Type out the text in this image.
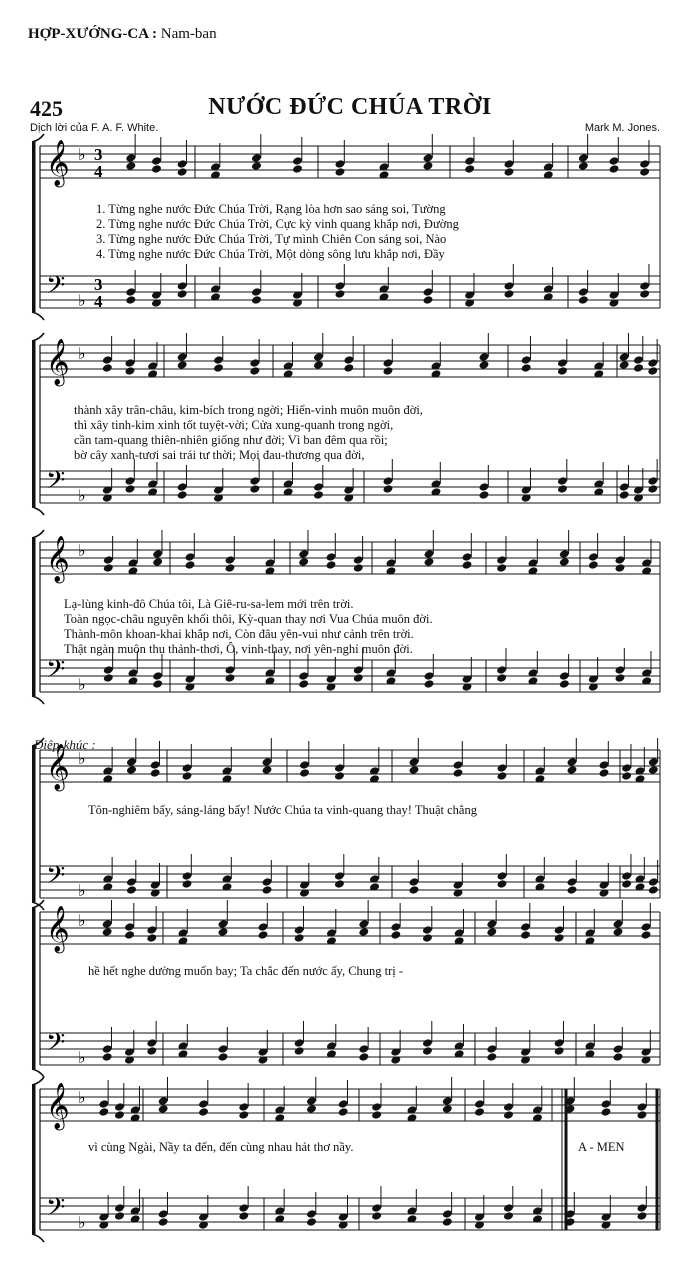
HỢP-XƯỚNG-CA : Nam-ban
425	NƯỚC ĐỨC CHÚA TRỜI
Dịch lời của F. A. F. White.	Mark M. Jones.
𝄞
𝄢
♭
♭
3
4
3
4
𝄞
𝄢
♭
♭
𝄞
𝄢
♭
♭
𝄞
𝄢
♭
♭
𝄞
𝄢
♭
♭
𝄞
𝄢
♭
♭
1. Từng nghe nước Đức Chúa Trời, Rạng lòa hơn sao sáng soi, Tường
2. Từng nghe nước Đức Chúa Trời, Cực kỳ vinh quang khắp nơi, Đường
3. Từng nghe nước Đức Chúa Trời, Tự mình Chiên Con sáng soi, Nào
4. Từng nghe nước Đức Chúa Trời, Một dòng sông lưu khắp nơi, Đầy
thành xây trân-châu, kim-bích trong ngời; Hiển-vinh muôn muôn đời,
thì xây tinh-kim xinh tốt tuyệt-vời; Cửa xung-quanh trong ngời,
cần tam-quang thiên-nhiên giống như đời; Vì ban đêm qua rồi;
bờ cây xanh-tươi sai trái tư thời; Mọi đau-thương qua đời,
Lạ-lùng kinh-đô Chúa tôi, Là Giê-ru-sa-lem mới trên trời.
Toàn ngọc-châu nguyên khối thôi, Kỳ-quan thay nơi Vua Chúa muôn đời.
Thành-môn khoan-khai khắp nơi, Còn đâu yên-vui như cảnh trên trời.
Thật ngàn muôn thu thảnh-thơi, Ô, vinh-thay, nơi yên-nghỉ muôn đời.
Điệp-khúc :
Tôn-nghiêm bấy, sáng-láng bấy! Nước Chúa ta vinh-quang thay! Thuật chẳng
hề hết nghe dường muốn bay; Ta chắc đến nước ấy, Chung trị -
vì cùng Ngài, Nầy ta đến, đến cùng nhau hát thơ nầy.	A - MEN
